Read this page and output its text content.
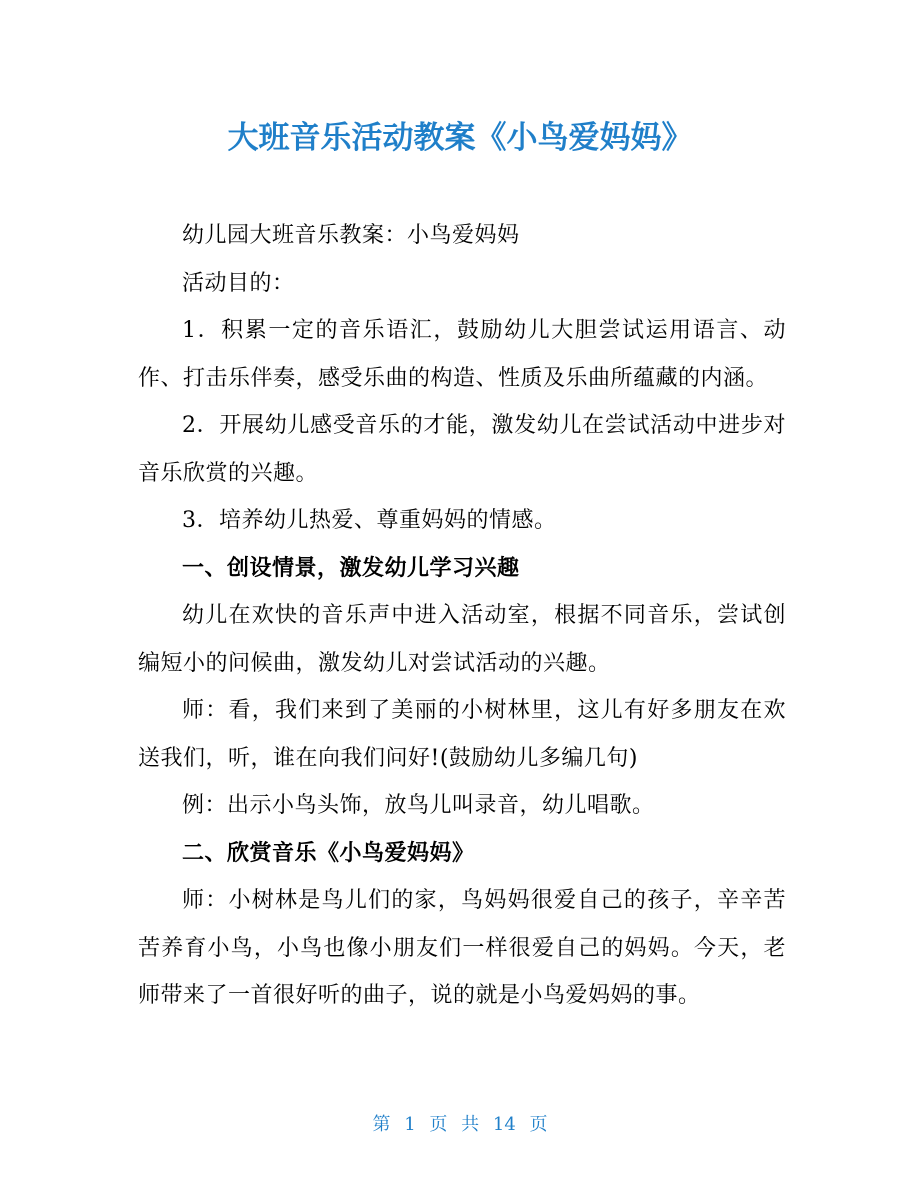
大班音乐活动教案《小鸟爱妈妈》

幼儿园大班音乐教案：小鸟爱妈妈

活动目的：

1．积累一定的音乐语汇，鼓励幼儿大胆尝试运用语言、动作、打击乐伴奏，感受乐曲的构造、性质及乐曲所蕴藏的内涵。

2．开展幼儿感受音乐的才能，激发幼儿在尝试活动中进步对音乐欣赏的兴趣。

3．培养幼儿热爱、尊重妈妈的情感。

一、创设情景，激发幼儿学习兴趣

幼儿在欢快的音乐声中进入活动室，根据不同音乐，尝试创编短小的问候曲，激发幼儿对尝试活动的兴趣。

师：看，我们来到了美丽的小树林里，这儿有好多朋友在欢送我们，听，谁在向我们问好!(鼓励幼儿多编几句)

例：出示小鸟头饰，放鸟儿叫录音，幼儿唱歌。

二、欣赏音乐《小鸟爱妈妈》

师：小树林是鸟儿们的家，鸟妈妈很爱自己的孩子，辛辛苦苦养育小鸟，小鸟也像小朋友们一样很爱自己的妈妈。今天，老师带来了一首很好听的曲子，说的就是小鸟爱妈妈的事。

第 1 页 共 14 页
